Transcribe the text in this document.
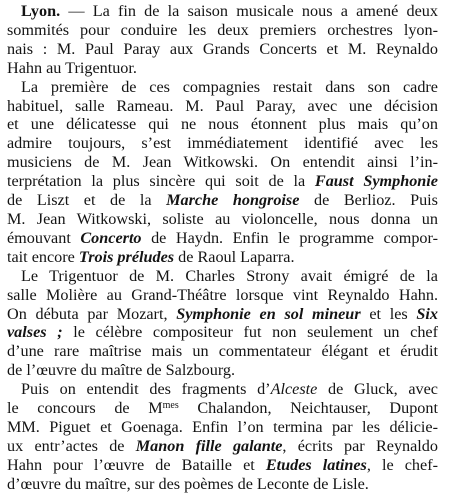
Lyon. — La fin de la saison musicale nous a amené deux
sommités pour conduire les deux premiers orchestres lyon-
nais : M. Paul Paray aux Grands Concerts et M. Reynaldo
Hahn au Trigentuor.
La première de ces compagnies restait dans son cadre
habituel, salle Rameau. M. Paul Paray, avec une décision
et une délicatesse qui ne nous étonnent plus mais qu’on
admire toujours, s’est immédiatement identifié avec les
musiciens de M. Jean Witkowski. On entendit ainsi l’in-
terprétation la plus sincère qui soit de la Faust Symphonie
de Liszt et de la Marche hongroise de Berlioz. Puis
M. Jean Witkowski, soliste au violoncelle, nous donna un
émouvant Concerto de Haydn. Enfin le programme compor-
tait encore Trois préludes de Raoul Laparra.
Le Trigentuor de M. Charles Strony avait émigré de la
salle Molière au Grand-Théâtre lorsque vint Reynaldo Hahn.
On débuta par Mozart, Symphonie en sol mineur et les Six
valses ; le célèbre compositeur fut non seulement un chef
d’une rare maîtrise mais un commentateur élégant et érudit
de l’œuvre du maître de Salzbourg.
Puis on entendit des fragments d’Alceste de Gluck, avec
le concours de $M^{mes}$ Chalandon, Neichtauser, Dupont
MM. Piguet et Goenaga. Enfin l’on termina par les délicie-
ux entr’actes de Manon fille galante, écrits par Reynaldo
Hahn pour l’œuvre de Bataille et Etudes latines, le chef-
d’œuvre du maître, sur des poèmes de Leconte de Lisle.
